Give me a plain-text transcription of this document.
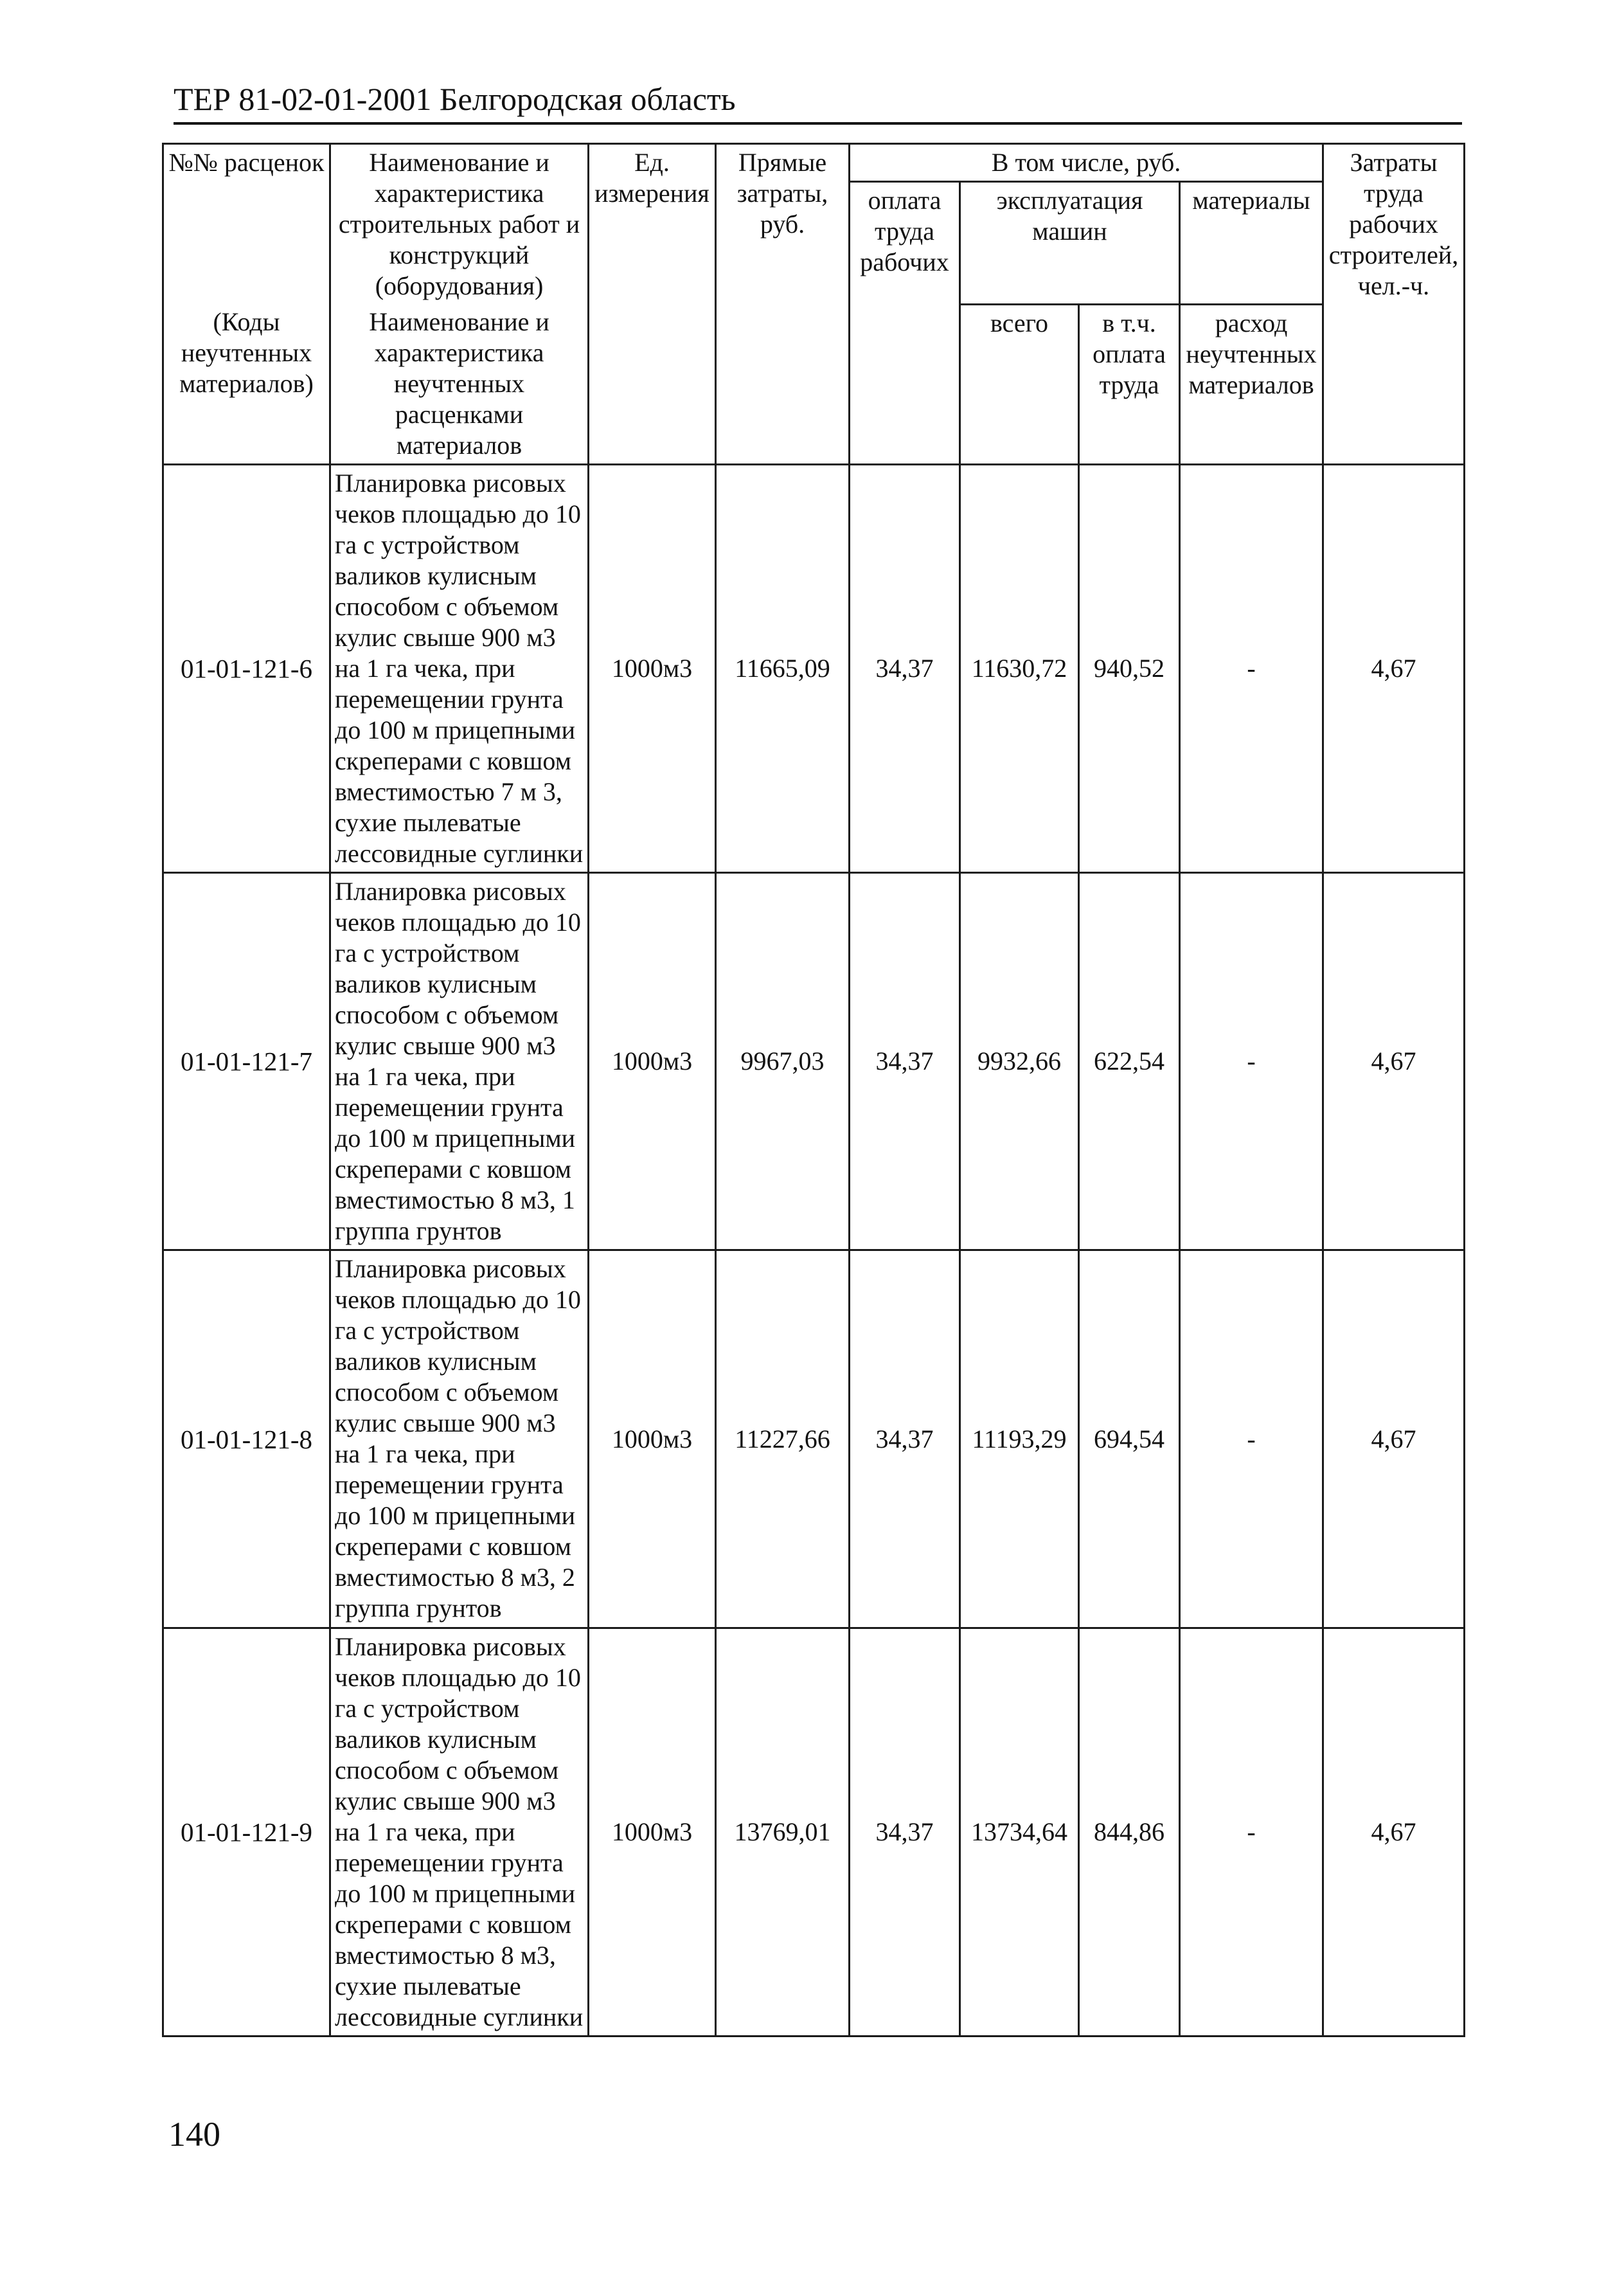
ТЕР 81-02-01-2001 Белгородская область
№№ расценок	Наименование и характеристика строительных работ и конструкций (оборудования)	Ед. измерения	Прямые затраты, руб.	В том числе, руб.				Затраты труда рабочих строителей, чел.-ч.
				оплата труда рабочих	эксплуатация машин		материалы	
(Коды неучтенных материалов)	Наименование и характеристика неучтенных расценками материалов				всего	в т.ч. оплата труда	расход неучтенных материалов	
01-01-121-6	Планировка рисовых чеков площадью до 10 га с устройством валиков кулисным способом с объемом кулис свыше 900 м3 на 1 га чека, при перемещении грунта до 100 м прицепными скреперами с ковшом вместимостью 7 м 3, сухие пылеватые лессовидные суглинки	1000м3	11665,09	34,37	11630,72	940,52	-	4,67
01-01-121-7	Планировка рисовых чеков площадью до 10 га с устройством валиков кулисным способом с объемом кулис свыше 900 м3 на 1 га чека, при перемещении грунта до 100 м прицепными скреперами с ковшом вместимостью 8 м3, 1 группа грунтов	1000м3	9967,03	34,37	9932,66	622,54	-	4,67
01-01-121-8	Планировка рисовых чеков площадью до 10 га с устройством валиков кулисным способом с объемом кулис свыше 900 м3 на 1 га чека, при перемещении грунта до 100 м прицепными скреперами с ковшом вместимостью 8 м3, 2 группа грунтов	1000м3	11227,66	34,37	11193,29	694,54	-	4,67
01-01-121-9	Планировка рисовых чеков площадью до 10 га с устройством валиков кулисным способом с объемом кулис свыше 900 м3 на 1 га чека, при перемещении грунта до 100 м прицепными скреперами с ковшом вместимостью 8 м3, сухие пылеватые лессовидные суглинки	1000м3	13769,01	34,37	13734,64	844,86	-	4,67
140
